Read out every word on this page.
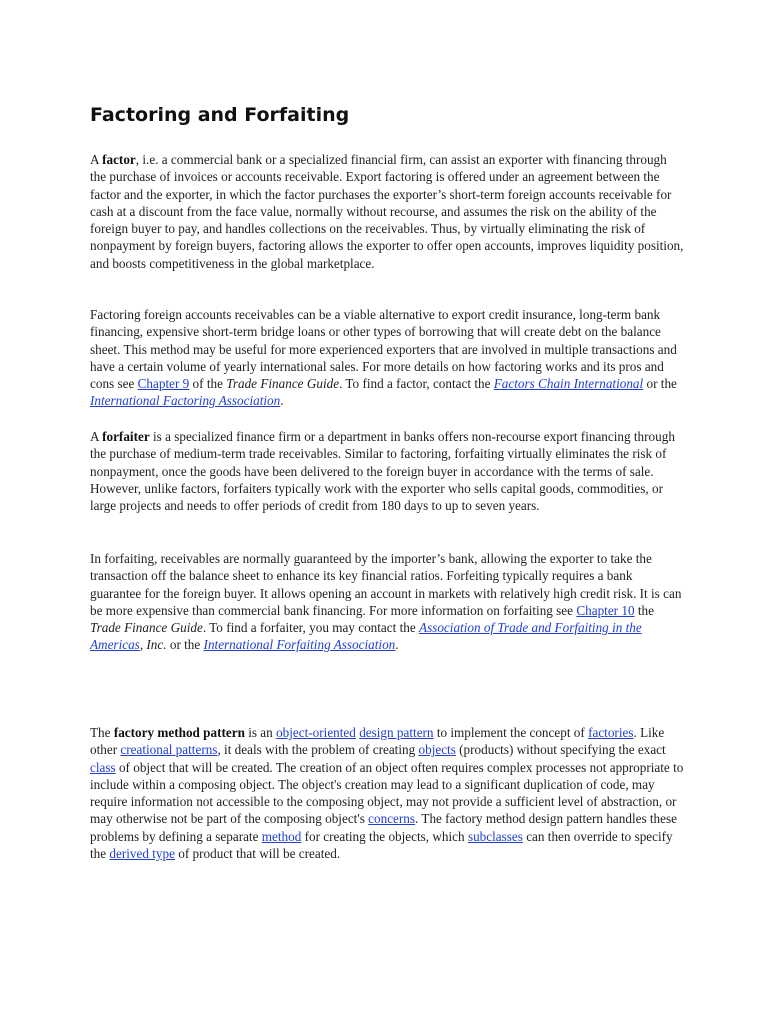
Factoring and Forfaiting

A factor, i.e. a commercial bank or a specialized financial firm, can assist an exporter with financing through the purchase of invoices or accounts receivable. Export factoring is offered under an agreement between the factor and the exporter, in which the factor purchases the exporter’s short-term foreign accounts receivable for cash at a discount from the face value, normally without recourse, and assumes the risk on the ability of the foreign buyer to pay, and handles collections on the receivables. Thus, by virtually eliminating the risk of nonpayment by foreign buyers, factoring allows the exporter to offer open accounts, improves liquidity position, and boosts competitiveness in the global marketplace.

Factoring foreign accounts receivables can be a viable alternative to export credit insurance, long-term bank financing, expensive short-term bridge loans or other types of borrowing that will create debt on the balance sheet. This method may be useful for more experienced exporters that are involved in multiple transactions and have a certain volume of yearly international sales. For more details on how factoring works and its pros and cons see Chapter 9 of the Trade Finance Guide. To find a factor, contact the Factors Chain International or the International Factoring Association.

A forfaiter is a specialized finance firm or a department in banks offers non-recourse export financing through the purchase of medium-term trade receivables. Similar to factoring, forfaiting virtually eliminates the risk of nonpayment, once the goods have been delivered to the foreign buyer in accordance with the terms of sale. However, unlike factors, forfaiters typically work with the exporter who sells capital goods, commodities, or large projects and needs to offer periods of credit from 180 days to up to seven years.

In forfaiting, receivables are normally guaranteed by the importer’s bank, allowing the exporter to take the transaction off the balance sheet to enhance its key financial ratios. Forfeiting typically requires a bank guarantee for the foreign buyer. It allows opening an account in markets with relatively high credit risk. It is can be more expensive than commercial bank financing. For more information on forfaiting see Chapter 10 the Trade Finance Guide. To find a forfaiter, you may contact the Association of Trade and Forfaiting in the Americas, Inc. or the International Forfaiting Association.

The factory method pattern is an object-oriented design pattern to implement the concept of factories. Like other creational patterns, it deals with the problem of creating objects (products) without specifying the exact class of object that will be created. The creation of an object often requires complex processes not appropriate to include within a composing object. The object's creation may lead to a significant duplication of code, may require information not accessible to the composing object, may not provide a sufficient level of abstraction, or may otherwise not be part of the composing object's concerns. The factory method design pattern handles these problems by defining a separate method for creating the objects, which subclasses can then override to specify the derived type of product that will be created.
